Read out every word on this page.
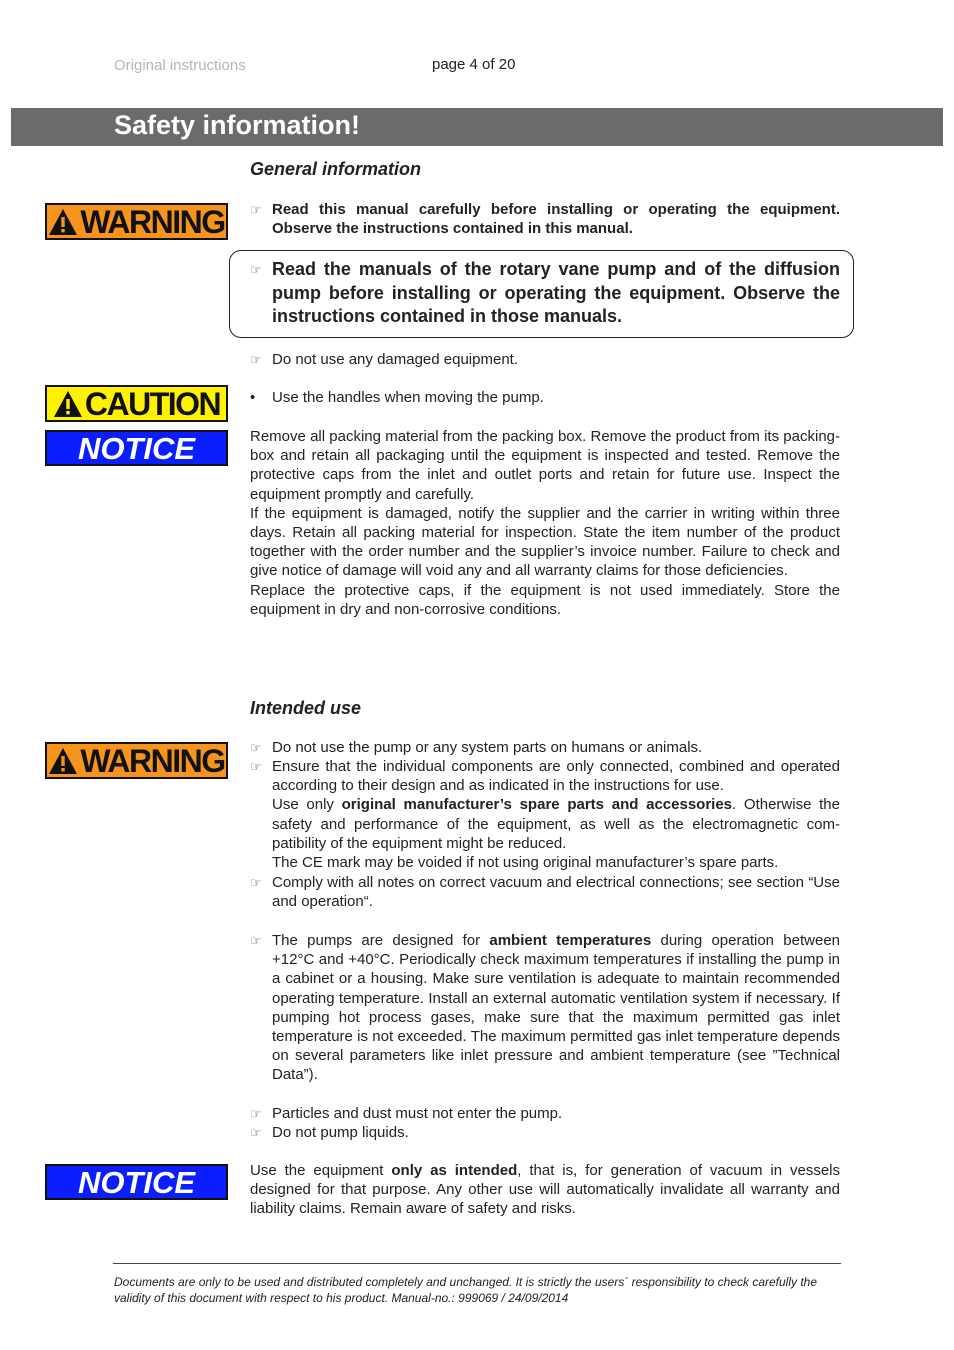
Original instructions	page 4 of 20
Safety information!
General information
WARNING ☞ Read this manual carefully before installing or operating the equipment. Observe the instructions contained in this manual.
☞ Read the manuals of the rotary vane pump and of the diffusion pump before installing or operating the equipment. Observe the instructions contained in those manuals.
☞ Do not use any damaged equipment.
CAUTION • Use the handles when moving the pump.
NOTICE	Remove all packing material from the packing box. Remove the product from its packing-box and retain all packaging until the equipment is inspected and tested. Remove the protective caps from the inlet and outlet ports and retain for future use. Inspect the equipment promptly and carefully.
If the equipment is damaged, notify the supplier and the carrier in writing within three days. Retain all packing material for inspection. State the item number of the product together with the order number and the supplier’s invoice number. Failure to check and give notice of damage will void any and all warranty claims for those deficiencies.
Replace the protective caps, if the equipment is not used immediately. Store the equipment in dry and non-corrosive conditions.
Intended use
WARNING ☞ Do not use the pump or any system parts on humans or animals.
☞ Ensure that the individual components are only connected, combined and operated according to their design and as indicated in the instructions for use.
Use only original manufacturer’s spare parts and accessories. Otherwise the safety and performance of the equipment, as well as the electromagnetic compatibility of the equipment might be reduced.
The CE mark may be voided if not using original manufacturer’s spare parts.
☞ Comply with all notes on correct vacuum and electrical connections; see section “Use and operation“.
☞ The pumps are designed for ambient temperatures during operation between +12°C and +40°C. Periodically check maximum temperatures if installing the pump in a cabinet or a housing. Make sure ventilation is adequate to maintain recommended operating temperature. Install an external automatic ventilation system if necessary. If pumping hot process gases, make sure that the maximum permitted gas inlet temperature is not exceeded. The maximum permitted gas inlet temperature depends on several parameters like inlet pressure and ambient temperature (see ”Technical Data”).
☞ Particles and dust must not enter the pump.
☞ Do not pump liquids.
NOTICE	Use the equipment only as intended, that is, for generation of vacuum in vessels designed for that purpose. Any other use will automatically invalidate all warranty and liability claims. Remain aware of safety and risks.
Documents are only to be used and distributed completely and unchanged. It is strictly the users´ responsibility to check carefully the validity of this document with respect to his product. Manual-no.: 999069 / 24/09/2014
